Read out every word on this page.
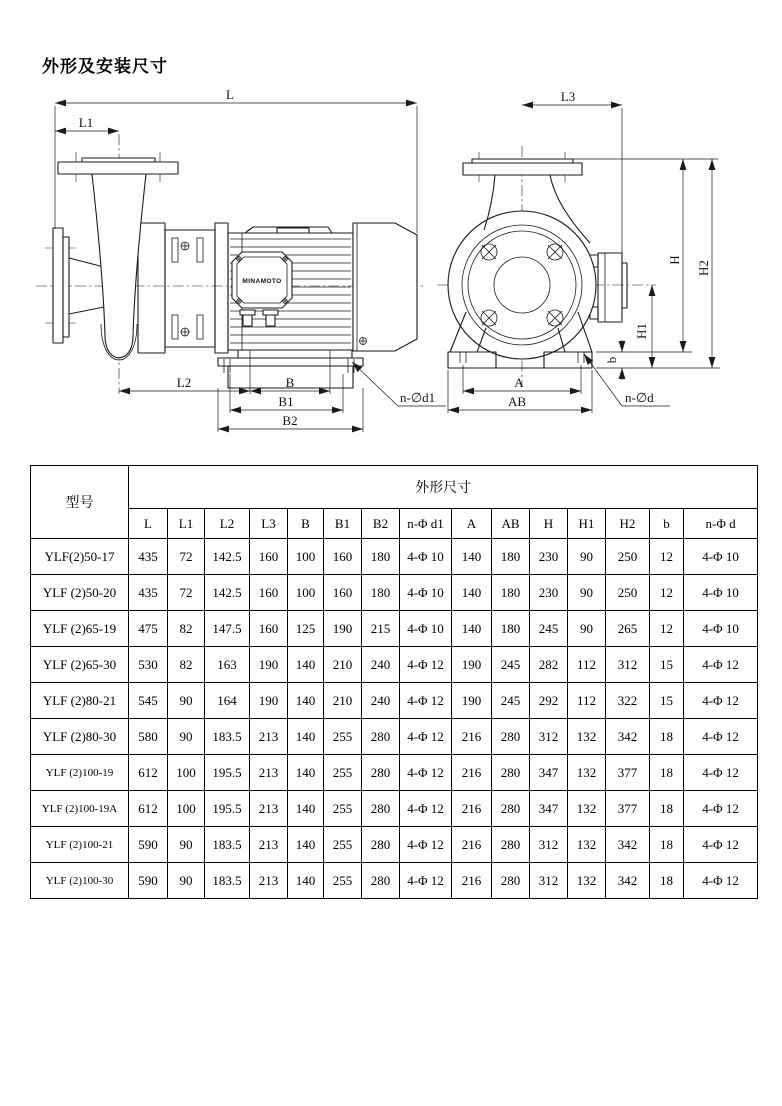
外形及安装尺寸
MINAMOTO
L
L1
L2	B
B1
B2
n-∅d1
L3
H
H2
H1
b
A
AB	n-∅d
型号	外形尺寸														
	L	L1	L2	L3	B	B1	B2	n-Φ d1	A	AB	H	H1	H2	b	n-Φ d
YLF(2)50-17	435	72	142.5	160	100	160	180	4-Φ 10	140	180	230	90	250	12	4-Φ 10
YLF (2)50-20	435	72	142.5	160	100	160	180	4-Φ 10	140	180	230	90	250	12	4-Φ 10
YLF (2)65-19	475	82	147.5	160	125	190	215	4-Φ 10	140	180	245	90	265	12	4-Φ 10
YLF (2)65-30	530	82	163	190	140	210	240	4-Φ 12	190	245	282	112	312	15	4-Φ 12
YLF (2)80-21	545	90	164	190	140	210	240	4-Φ 12	190	245	292	112	322	15	4-Φ 12
YLF (2)80-30	580	90	183.5	213	140	255	280	4-Φ 12	216	280	312	132	342	18	4-Φ 12
YLF (2)100-19	612	100	195.5	213	140	255	280	4-Φ 12	216	280	347	132	377	18	4-Φ 12
YLF (2)100-19A	612	100	195.5	213	140	255	280	4-Φ 12	216	280	347	132	377	18	4-Φ 12
YLF (2)100-21	590	90	183.5	213	140	255	280	4-Φ 12	216	280	312	132	342	18	4-Φ 12
YLF (2)100-30	590	90	183.5	213	140	255	280	4-Φ 12	216	280	312	132	342	18	4-Φ 12
